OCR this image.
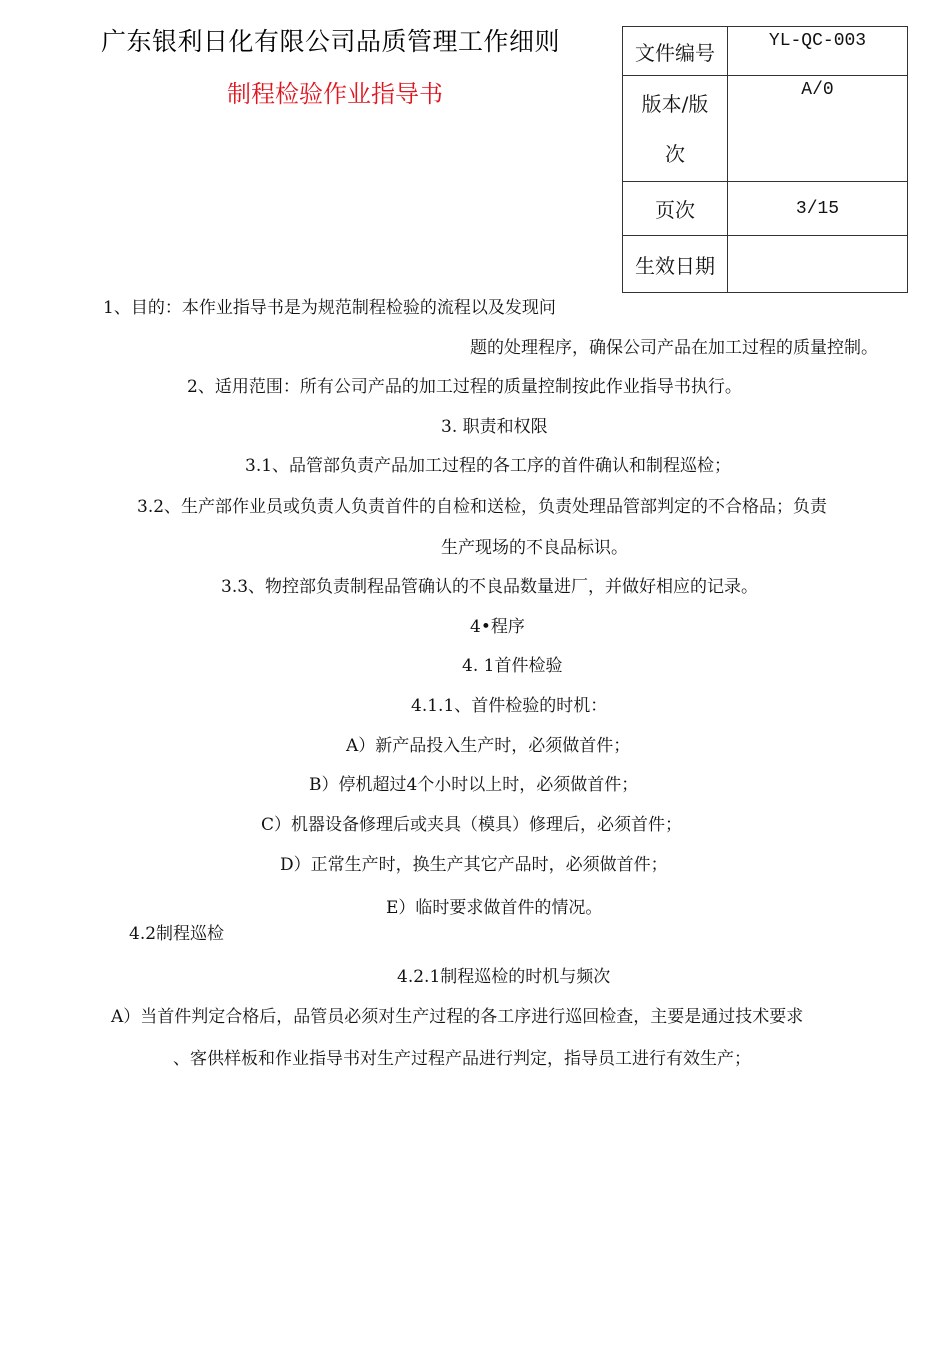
广东银利日化有限公司品质管理工作细则
制程检验作业指导书
文件编号	YL-QC-003

版本/版
次	A/0
页次	3/15
生效日期	
1、目的：本作业指导书是为规范制程检验的流程以及发现问
题的处理程序，确保公司产品在加工过程的质量控制。
2、适用范围：所有公司产品的加工过程的质量控制按此作业指导书执行。
3. 职责和权限
3.1、品管部负责产品加工过程的各工序的首件确认和制程巡检；
3.2、生产部作业员或负责人负责首件的自检和送检，负责处理品管部判定的不合格品；负责
生产现场的不良品标识。
3.3、物控部负责制程品管确认的不良品数量进厂，并做好相应的记录。
4•程序
4. 1首件检验
4.1.1、首件检验的时机：
A）新产品投入生产时，必须做首件；
B）停机超过4个小时以上时，必须做首件；
C）机器设备修理后或夹具（模具）修理后，必须首件；
D）正常生产时，换生产其它产品时，必须做首件；
E）临时要求做首件的情况。
4.2制程巡检
4.2.1制程巡检的时机与频次
A）当首件判定合格后，品管员必须对生产过程的各工序进行巡回检查，主要是通过技术要求
、客供样板和作业指导书对生产过程产品进行判定，指导员工进行有效生产；
